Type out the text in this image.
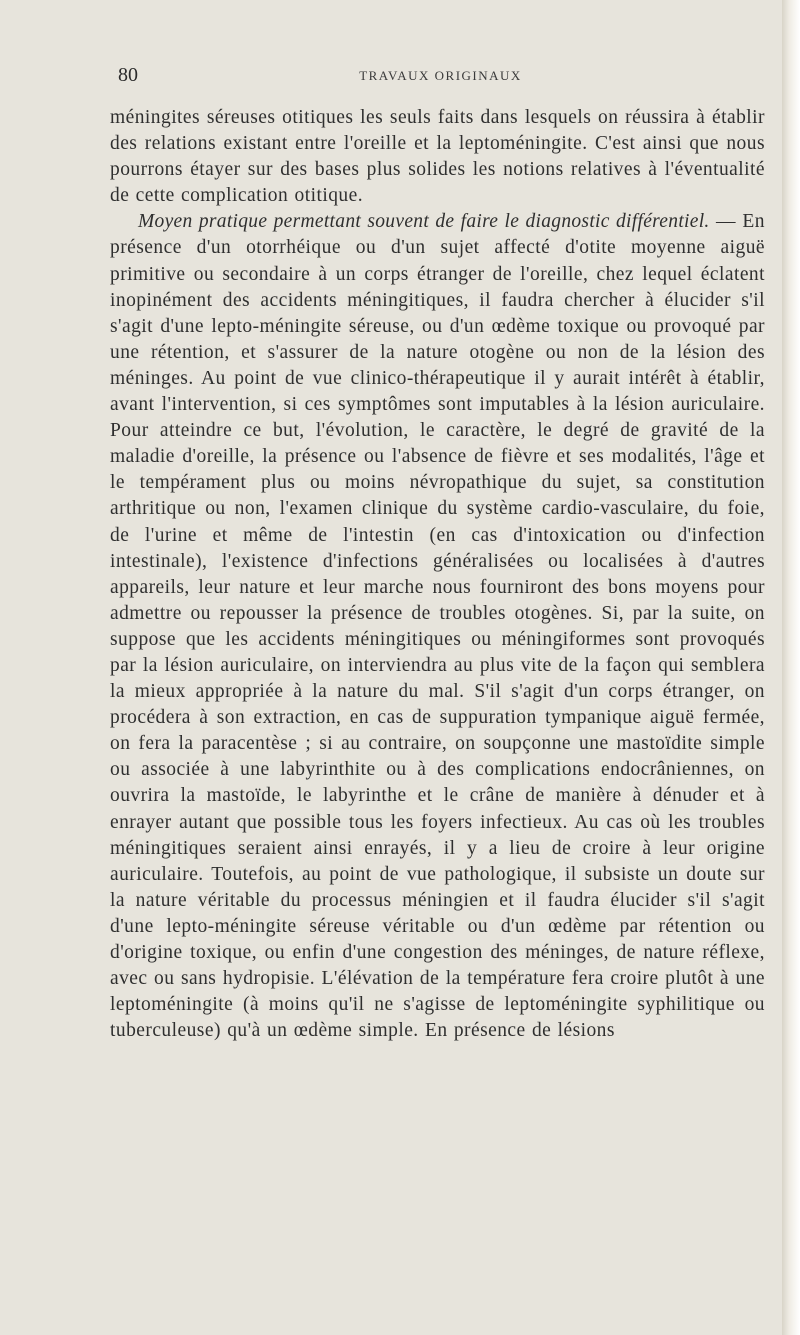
80	TRAVAUX ORIGINAUX

méningites séreuses otitiques les seuls faits dans lesquels on réussira à établir des relations existant entre l'oreille et la leptoméningite. C'est ainsi que nous pourrons étayer sur des bases plus solides les notions relatives à l'éventualité de cette complication otitique.

Moyen pratique permettant souvent de faire le diagnostic différentiel. — En présence d'un otorrhéique ou d'un sujet affecté d'otite moyenne aiguë primitive ou secondaire à un corps étranger de l'oreille, chez lequel éclatent inopinément des accidents méningitiques, il faudra chercher à élucider s'il s'agit d'une lepto-méningite séreuse, ou d'un œdème toxique ou provoqué par une rétention, et s'assurer de la nature otogène ou non de la lésion des méninges. Au point de vue clinico-thérapeutique il y aurait intérêt à établir, avant l'intervention, si ces symptômes sont imputables à la lésion auriculaire. Pour atteindre ce but, l'évolution, le caractère, le degré de gravité de la maladie d'oreille, la présence ou l'absence de fièvre et ses modalités, l'âge et le tempérament plus ou moins névropathique du sujet, sa constitution arthritique ou non, l'examen clinique du système cardio-vasculaire, du foie, de l'urine et même de l'intestin (en cas d'intoxication ou d'infection intestinale), l'existence d'infections généralisées ou localisées à d'autres appareils, leur nature et leur marche nous fourniront des bons moyens pour admettre ou repousser la présence de troubles otogènes. Si, par la suite, on suppose que les accidents méningitiques ou méningiformes sont provoqués par la lésion auriculaire, on interviendra au plus vite de la façon qui semblera la mieux appropriée à la nature du mal. S'il s'agit d'un corps étranger, on procédera à son extraction, en cas de suppuration tympanique aiguë fermée, on fera la paracentèse ; si au contraire, on soupçonne une mastoïdite simple ou associée à une labyrinthite ou à des complications endocrâniennes, on ouvrira la mastoïde, le labyrinthe et le crâne de manière à dénuder et à enrayer autant que possible tous les foyers infectieux. Au cas où les troubles méningitiques seraient ainsi enrayés, il y a lieu de croire à leur origine auriculaire. Toutefois, au point de vue pathologique, il subsiste un doute sur la nature véritable du processus méningien et il faudra élucider s'il s'agit d'une lepto-méningite séreuse véritable ou d'un œdème par rétention ou d'origine toxique, ou enfin d'une congestion des méninges, de nature réflexe, avec ou sans hydropisie. L'élévation de la température fera croire plutôt à une leptoméningite (à moins qu'il ne s'agisse de leptoméningite syphilitique ou tuberculeuse) qu'à un œdème simple. En présence de lésions
